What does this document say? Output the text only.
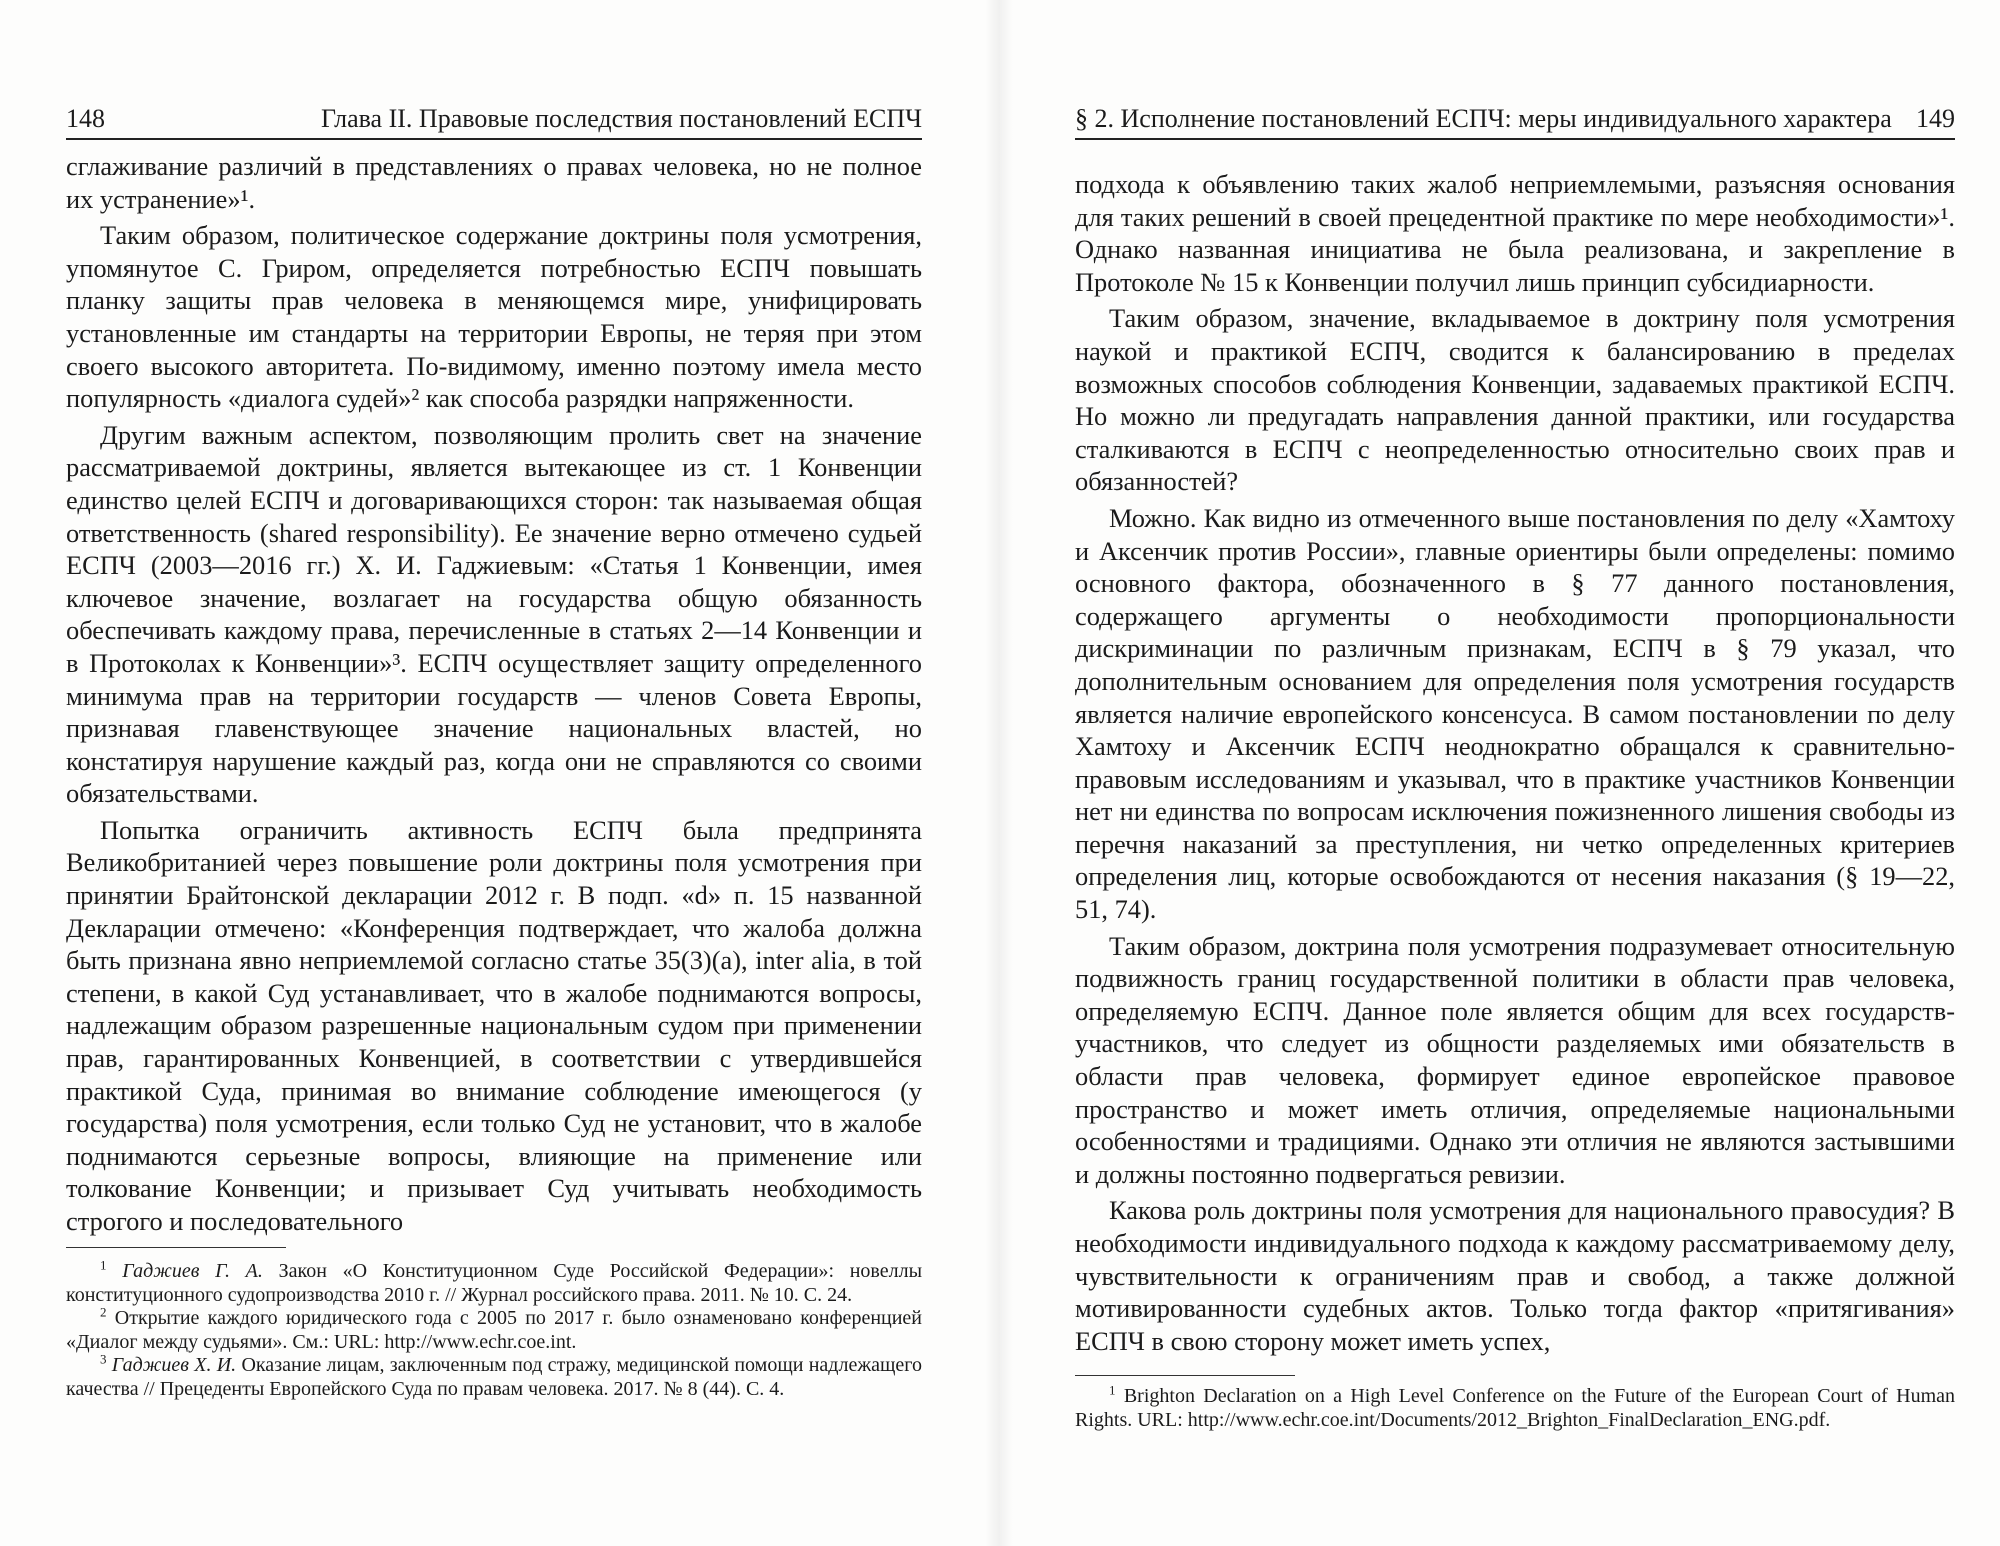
148	Глава II. Правовые последствия постановлений ЕСПЧ

сглаживание различий в представлениях о правах человека, но не полное их устранение»¹.

Таким образом, политическое содержание доктрины поля усмотрения, упомянутое С. Гриром, определяется потребностью ЕСПЧ повышать планку защиты прав человека в меняющемся мире, унифицировать установленные им стандарты на территории Европы, не теряя при этом своего высокого авторитета. По-видимому, именно поэтому имела место популярность «диалога судей»² как способа разрядки напряженности.

Другим важным аспектом, позволяющим пролить свет на значение рассматриваемой доктрины, является вытекающее из ст. 1 Конвенции единство целей ЕСПЧ и договаривающихся сторон: так называемая общая ответственность (shared responsibility). Ее значение верно отмечено судьей ЕСПЧ (2003—2016 гг.) Х. И. Гаджиевым: «Статья 1 Конвенции, имея ключевое значение, возлагает на государства общую обязанность обеспечивать каждому права, перечисленные в статьях 2—14 Конвенции и в Протоколах к Конвенции»³. ЕСПЧ осуществляет защиту определенного минимума прав на территории государств — членов Совета Европы, признавая главенствующее значение национальных властей, но констатируя нарушение каждый раз, когда они не справляются со своими обязательствами.

Попытка ограничить активность ЕСПЧ была предпринята Великобританией через повышение роли доктрины поля усмотрения при принятии Брайтонской декларации 2012 г. В подп. «d» п. 15 названной Декларации отмечено: «Конференция подтверждает, что жалоба должна быть признана явно неприемлемой согласно статье 35(3)(a), inter alia, в той степени, в какой Суд устанавливает, что в жалобе поднимаются вопросы, надлежащим образом разрешенные национальным судом при применении прав, гарантированных Конвенцией, в соответствии с утвердившейся практикой Суда, принимая во внимание соблюдение имеющегося (у государства) поля усмотрения, если только Суд не установит, что в жалобе поднимаются серьезные вопросы, влияющие на применение или толкование Конвенции; и призывает Суд учитывать необходимость строгого и последовательного

$^1$ Гаджиев Г. А. Закон «О Конституционном Суде Российской Федерации»: новеллы конституционного судопроизводства 2010 г. // Журнал российского права. 2011. № 10. С. 24.

$^2$ Открытие каждого юридического года с 2005 по 2017 г. было ознаменовано конференцией «Диалог между судьями». См.: URL: http://www.echr.coe.int.

$^3$ Гаджиев Х. И. Оказание лицам, заключенным под стражу, медицинской помощи надлежащего качества // Прецеденты Европейского Суда по правам человека. 2017. № 8 (44). С. 4.

§ 2. Исполнение постановлений ЕСПЧ: меры индивидуального характера 149

подхода к объявлению таких жалоб неприемлемыми, разъясняя основания для таких решений в своей прецедентной практике по мере необходимости»¹. Однако названная инициатива не была реализована, и закрепление в Протоколе № 15 к Конвенции получил лишь принцип субсидиарности.

Таким образом, значение, вкладываемое в доктрину поля усмотрения наукой и практикой ЕСПЧ, сводится к балансированию в пределах возможных способов соблюдения Конвенции, задаваемых практикой ЕСПЧ. Но можно ли предугадать направления данной практики, или государства сталкиваются в ЕСПЧ с неопределенностью относительно своих прав и обязанностей?

Можно. Как видно из отмеченного выше постановления по делу «Хамтоху и Аксенчик против России», главные ориентиры были определены: помимо основного фактора, обозначенного в § 77 данного постановления, содержащего аргументы о необходимости пропорциональности дискриминации по различным признакам, ЕСПЧ в § 79 указал, что дополнительным основанием для определения поля усмотрения государств является наличие европейского консенсуса. В самом постановлении по делу Хамтоху и Аксенчик ЕСПЧ неоднократно обращался к сравнительно-правовым исследованиям и указывал, что в практике участников Конвенции нет ни единства по вопросам исключения пожизненного лишения свободы из перечня наказаний за преступления, ни четко определенных критериев определения лиц, которые освобождаются от несения наказания (§ 19—22, 51, 74).

Таким образом, доктрина поля усмотрения подразумевает относительную подвижность границ государственной политики в области прав человека, определяемую ЕСПЧ. Данное поле является общим для всех государств-участников, что следует из общности разделяемых ими обязательств в области прав человека, формирует единое европейское правовое пространство и может иметь отличия, определяемые национальными особенностями и традициями. Однако эти отличия не являются застывшими и должны постоянно подвергаться ревизии.

Какова роль доктрины поля усмотрения для национального правосудия? В необходимости индивидуального подхода к каждому рассматриваемому делу, чувствительности к ограничениям прав и свобод, а также должной мотивированности судебных актов. Только тогда фактор «притягивания» ЕСПЧ в свою сторону может иметь успех,

$^1$ Brighton Declaration on a High Level Conference on the Future of the European Court of Human Rights. URL: http://www.echr.coe.int/Documents/2012_Brighton_FinalDeclaration_ENG.pdf.
